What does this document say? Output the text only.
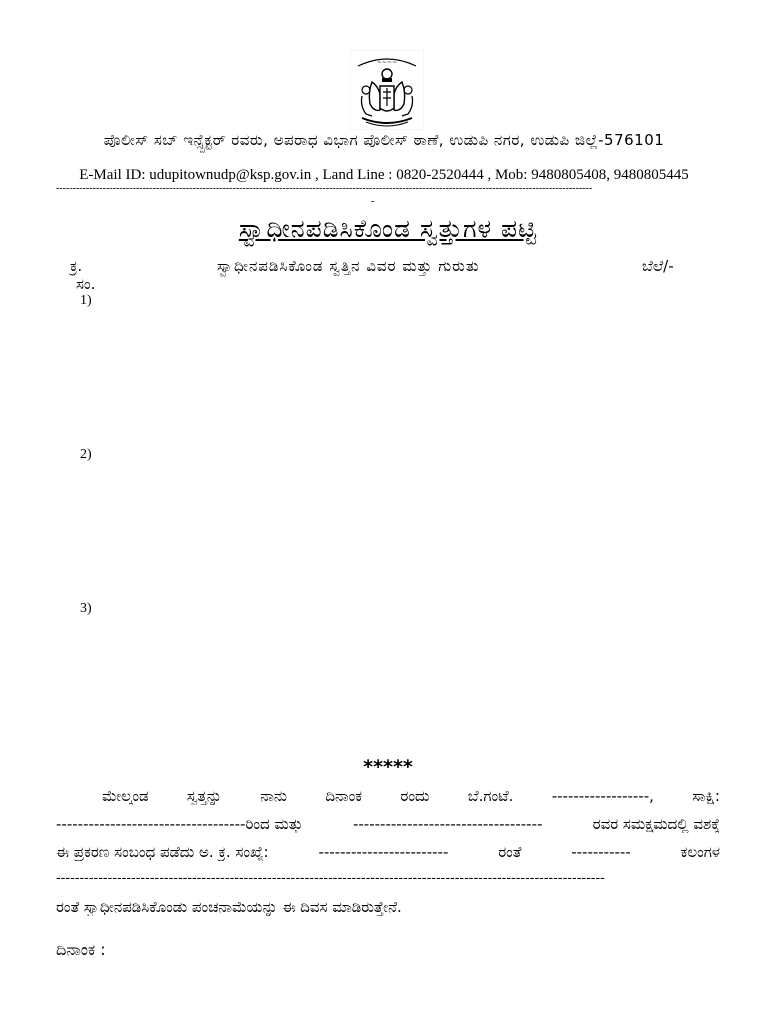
~~~~
ಪೊಲೀಸ್ ಸಬ್ ಇನ್ಸ್ಪೆಕ್ಟರ್ ರವರು, ಅಪರಾಧ ವಿಭಾಗ ಪೊಲೀಸ್ ಠಾಣೆ, ಉಡುಪಿ ನಗರ, ಉಡುಪಿ ಜಿಲ್ಲೆ-576101
E-Mail ID: udupitownudp@ksp.gov.in , Land Line : 0820-2520444 , Mob: 9480805408, 9480805445
-----------------------------------------------------------------------------------------------------------------------------------------------------------------
-
ಸ್ವಾಧೀನಪಡಿಸಿಕೊಂಡ ಸ್ವತ್ತುಗಳ ಪಟ್ಟಿ
ಕ್ರ.
ಸಂ.
ಸ್ವಾಧೀನಪಡಿಸಿಕೊಂಡ ಸ್ವತ್ತಿನ ವಿವರ ಮತ್ತು ಗುರುತು	ಬೆಲೆ/-
1)
2)
3)
*****
ಮೇಲ್ಕಂಡ	ಸ್ವತ್ತನ್ನು	ನಾನು	ದಿನಾಂಕ	ರಂದು	ಬೆ.ಗಂಟೆ.	------------------,	ಸಾಕ್ಷಿ:
-----------------------------------ರಿಂದ ಮತ್ತು	-----------------------------------	ರವರ ಸಮಕ್ಷಮದಲ್ಲಿ ವಶಕ್ಕೆ
ಈ ಪ್ರಕರಣ ಸಂಬಂಧ ಪಡೆದು ಅ. ಕ್ರ. ಸಂಖ್ಯೆ:	------------------------	ರಂತೆ	-----------	ಕಲಂಗಳ
---------------------------------------------------------------------------------------------------------------------
ರಂತೆ ಸ್ವಾಧೀನಪಡಿಸಿಕೊಂಡು ಪಂಚನಾಮೆಯನ್ನು ಈ ದಿವಸ ಮಾಡಿರುತ್ತೇನೆ.
ದಿನಾಂಕ :
